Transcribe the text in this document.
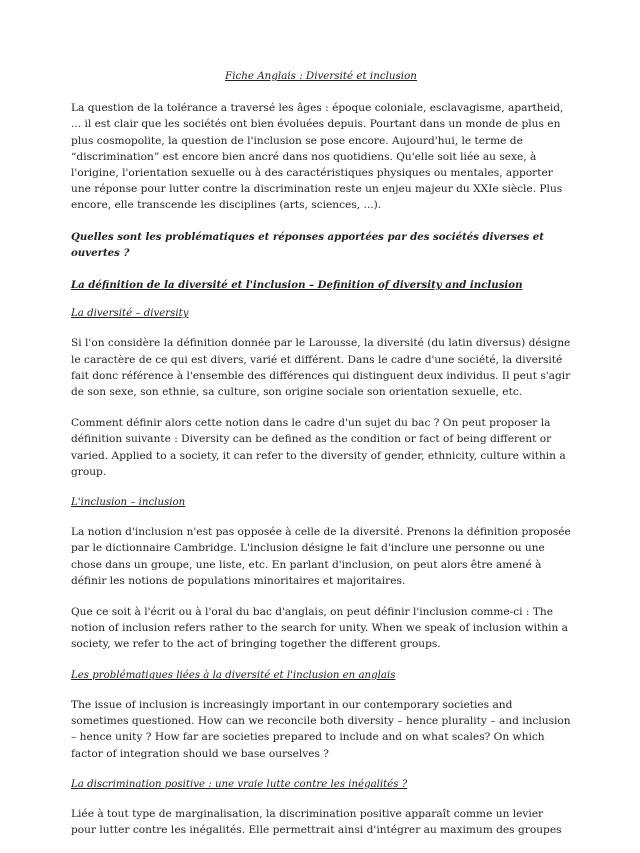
Fiche Anglais : Diversité et inclusion

La question de la tolérance a traversé les âges : époque coloniale, esclavagisme, apartheid, ... il est clair que les sociétés ont bien évoluées depuis. Pourtant dans un monde de plus en plus cosmopolite, la question de l'inclusion se pose encore. Aujourd'hui, le terme de “discrimination” est encore bien ancré dans nos quotidiens. Qu'elle soit liée au sexe, à l'origine, l'orientation sexuelle ou à des caractéristiques physiques ou mentales, apporter une réponse pour lutter contre la discrimination reste un enjeu majeur du XXIe siècle. Plus encore, elle transcende les disciplines (arts, sciences, ...).

Quelles sont les problématiques et réponses apportées par des sociétés diverses et ouvertes ?
La définition de la diversité et l'inclusion – Definition of diversity and inclusion
La diversité – diversity

Si l'on considère la définition donnée par le Larousse, la diversité (du latin diversus) désigne le caractère de ce qui est divers, varié et différent. Dans le cadre d'une société, la diversité fait donc référence à l'ensemble des différences qui distinguent deux individus. Il peut s'agir de son sexe, son ethnie, sa culture, son origine sociale son orientation sexuelle, etc.

Comment définir alors cette notion dans le cadre d'un sujet du bac ? On peut proposer la définition suivante : Diversity can be defined as the condition or fact of being different or varied. Applied to a society, it can refer to the diversity of gender, ethnicity, culture within a group.

L'inclusion – inclusion

La notion d'inclusion n'est pas opposée à celle de la diversité. Prenons la définition proposée par le dictionnaire Cambridge. L'inclusion désigne le fait d'inclure une personne ou une chose dans un groupe, une liste, etc. En parlant d'inclusion, on peut alors être amené à définir les notions de populations minoritaires et majoritaires.

Que ce soit à l'écrit ou à l'oral du bac d'anglais, on peut définir l'inclusion comme-ci : The notion of inclusion refers rather to the search for unity. When we speak of inclusion within a society, we refer to the act of bringing together the different groups.

Les problématiques liées à la diversité et l'inclusion en anglais

The issue of inclusion is increasingly important in our contemporary societies and sometimes questioned. How can we reconcile both diversity – hence plurality – and inclusion – hence unity ? How far are societies prepared to include and on what scales? On which factor of integration should we base ourselves ?

La discrimination positive : une vraie lutte contre les inégalités ?

Liée à tout type de marginalisation, la discrimination positive apparaît comme un levier pour lutter contre les inégalités. Elle permettrait ainsi d'intégrer au maximum des groupes
